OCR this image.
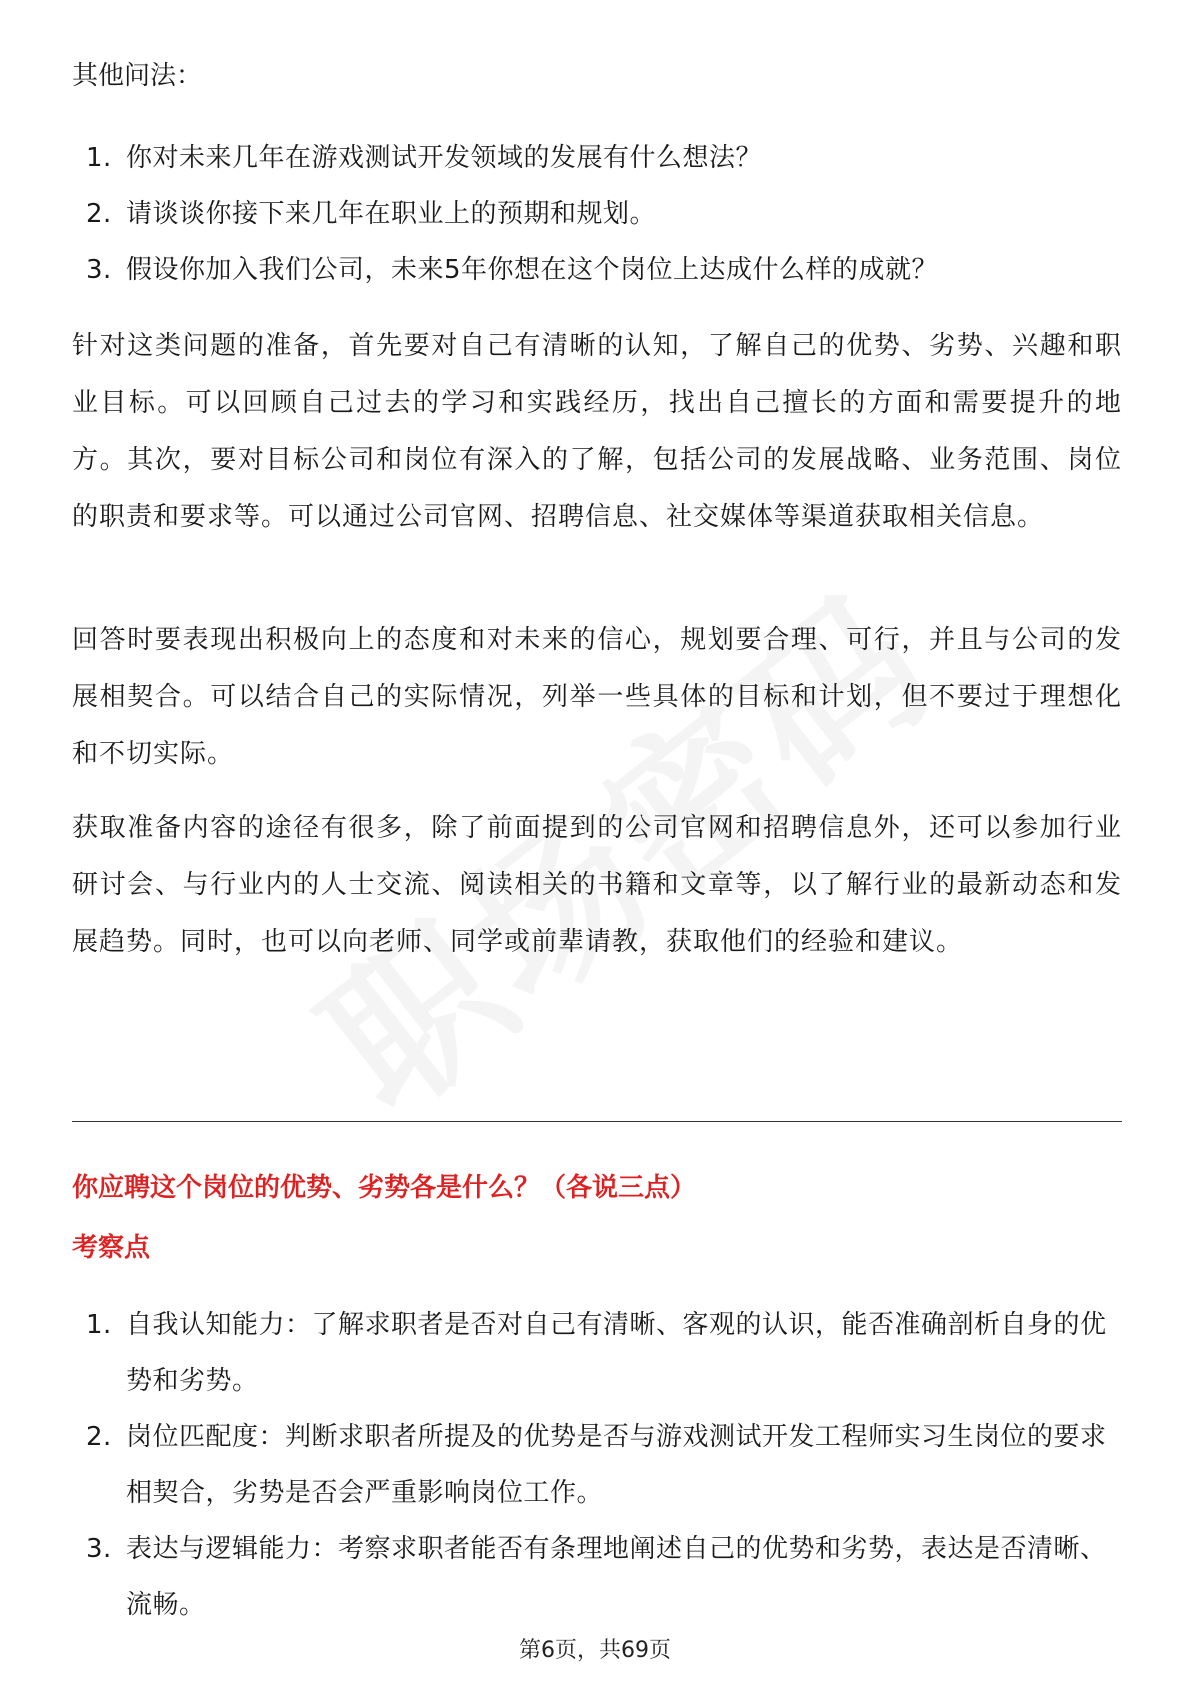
其他问法：
1. 你对未来几年在游戏测试开发领域的发展有什么想法？
2. 请谈谈你接下来几年在职业上的预期和规划。
3. 假设你加入我们公司，未来5年你想在这个岗位上达成什么样的成就？

针对这类问题的准备，首先要对自己有清晰的认知，了解自己的优势、劣势、兴趣和职业目标。可以回顾自己过去的学习和实践经历，找出自己擅长的方面和需要提升的地方。其次，要对目标公司和岗位有深入的了解，包括公司的发展战略、业务范围、岗位的职责和要求等。可以通过公司官网、招聘信息、社交媒体等渠道获取相关信息。

回答时要表现出积极向上的态度和对未来的信心，规划要合理、可行，并且与公司的发展相契合。可以结合自己的实际情况，列举一些具体的目标和计划，但不要过于理想化和不切实际。

获取准备内容的途径有很多，除了前面提到的公司官网和招聘信息外，还可以参加行业研讨会、与行业内的人士交流、阅读相关的书籍和文章等，以了解行业的最新动态和发展趋势。同时，也可以向老师、同学或前辈请教，获取他们的经验和建议。

你应聘这个岗位的优势、劣势各是什么？（各说三点）
考察点
1. 自我认知能力：了解求职者是否对自己有清晰、客观的认识，能否准确剖析自身的优势和劣势。
2. 岗位匹配度：判断求职者所提及的优势是否与游戏测试开发工程师实习生岗位的要求相契合，劣势是否会严重影响岗位工作。
3. 表达与逻辑能力：考察求职者能否有条理地阐述自己的优势和劣势，表达是否清晰、流畅。
第6页，共69页
